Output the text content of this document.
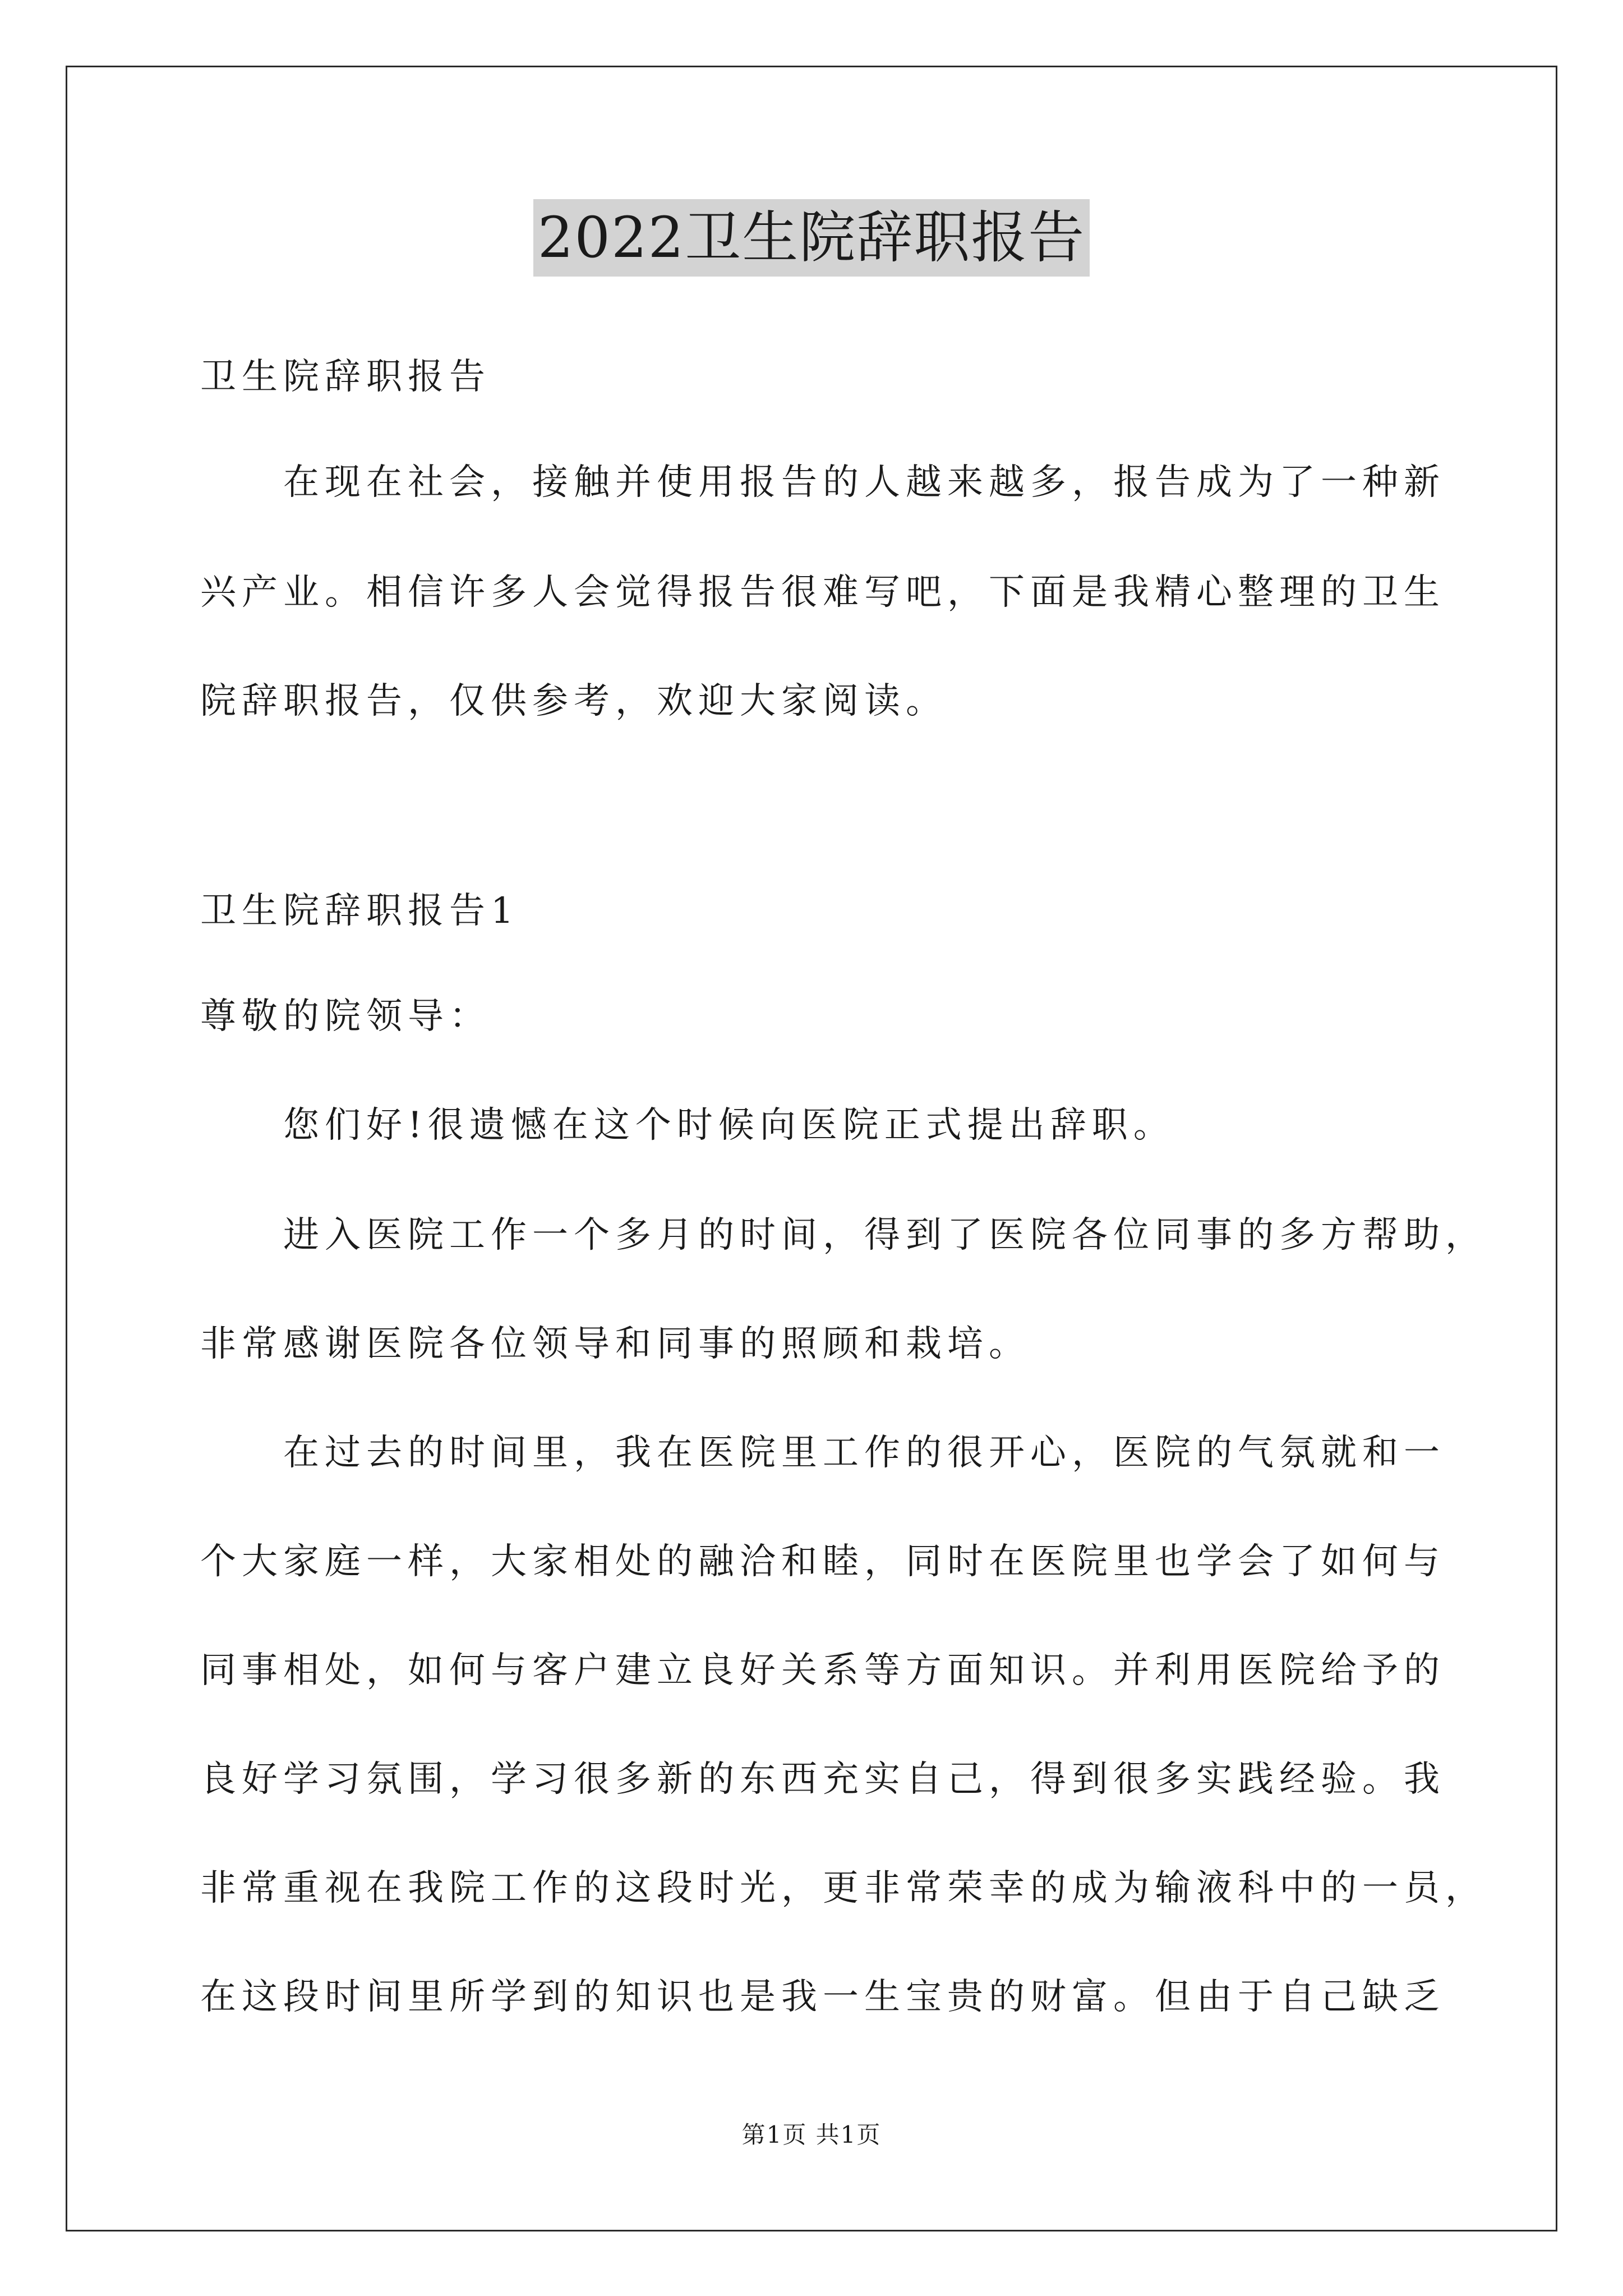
2022卫生院辞职报告
卫生院辞职报告
在现在社会，接触并使用报告的人越来越多，报告成为了一种新
兴产业。相信许多人会觉得报告很难写吧，下面是我精心整理的卫生
院辞职报告，仅供参考，欢迎大家阅读。
卫生院辞职报告1
尊敬的院领导：
您们好!很遗憾在这个时候向医院正式提出辞职。
进入医院工作一个多月的时间，得到了医院各位同事的多方帮助，
非常感谢医院各位领导和同事的照顾和栽培。
在过去的时间里，我在医院里工作的很开心，医院的气氛就和一
个大家庭一样，大家相处的融洽和睦，同时在医院里也学会了如何与
同事相处，如何与客户建立良好关系等方面知识。并利用医院给予的
良好学习氛围，学习很多新的东西充实自己，得到很多实践经验。我
非常重视在我院工作的这段时光，更非常荣幸的成为输液科中的一员，
在这段时间里所学到的知识也是我一生宝贵的财富。但由于自己缺乏
第1页 共1页
